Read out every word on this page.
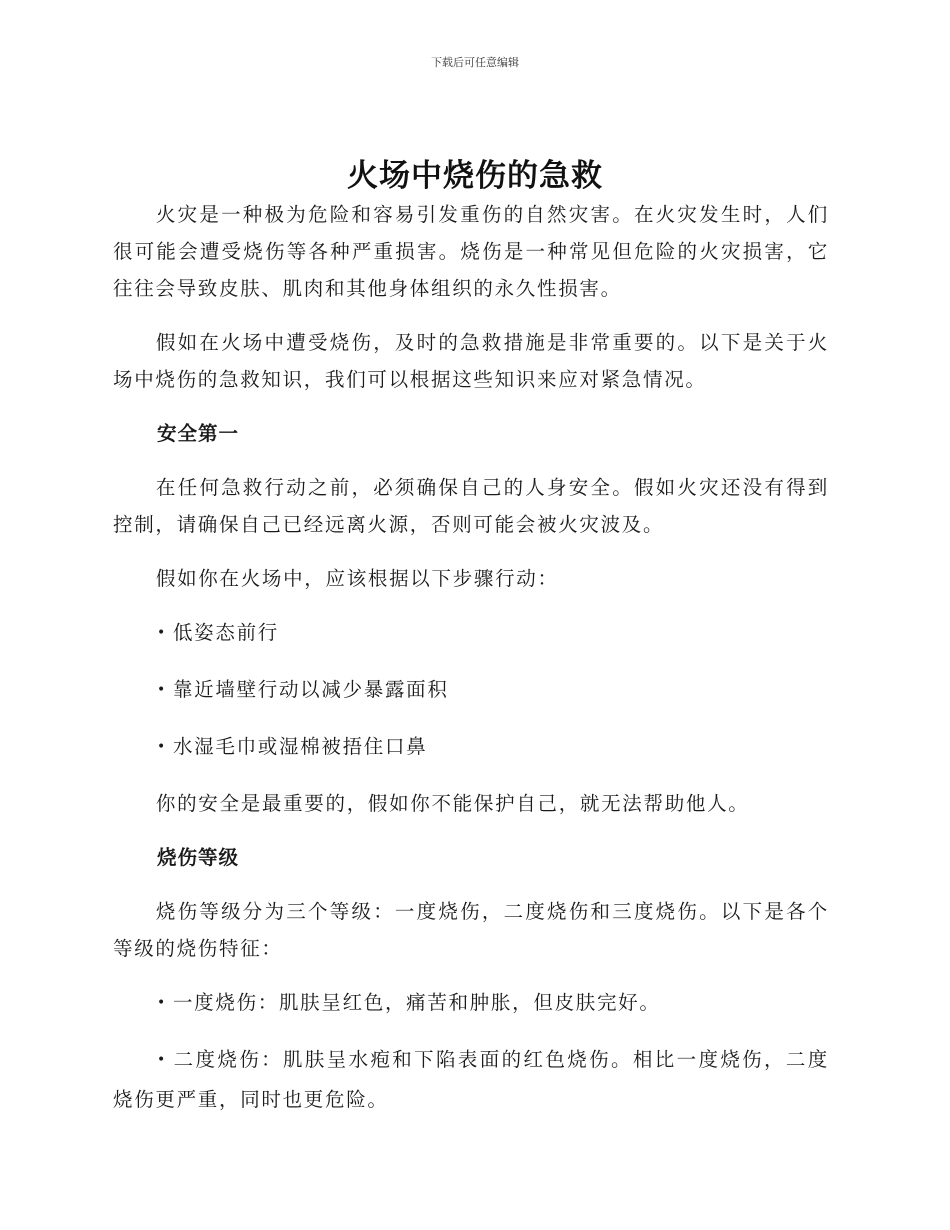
下载后可任意编辑
火场中烧伤的急救

火灾是一种极为危险和容易引发重伤的自然灾害。在火灾发生时，人们很可能会遭受烧伤等各种严重损害。烧伤是一种常见但危险的火灾损害，它往往会导致皮肤、肌肉和其他身体组织的永久性损害。

假如在火场中遭受烧伤，及时的急救措施是非常重要的。以下是关于火场中烧伤的急救知识，我们可以根据这些知识来应对紧急情况。

安全第一

在任何急救行动之前，必须确保自己的人身安全。假如火灾还没有得到控制，请确保自己已经远离火源，否则可能会被火灾波及。

假如你在火场中，应该根据以下步骤行动：

• 低姿态前行
• 靠近墙壁行动以减少暴露面积
• 水湿毛巾或湿棉被捂住口鼻

你的安全是最重要的，假如你不能保护自己，就无法帮助他人。

烧伤等级

烧伤等级分为三个等级：一度烧伤，二度烧伤和三度烧伤。以下是各个等级的烧伤特征：

• 一度烧伤：肌肤呈红色，痛苦和肿胀，但皮肤完好。
• 二度烧伤：肌肤呈水疱和下陷表面的红色烧伤。相比一度烧伤，二度烧伤更严重，同时也更危险。
